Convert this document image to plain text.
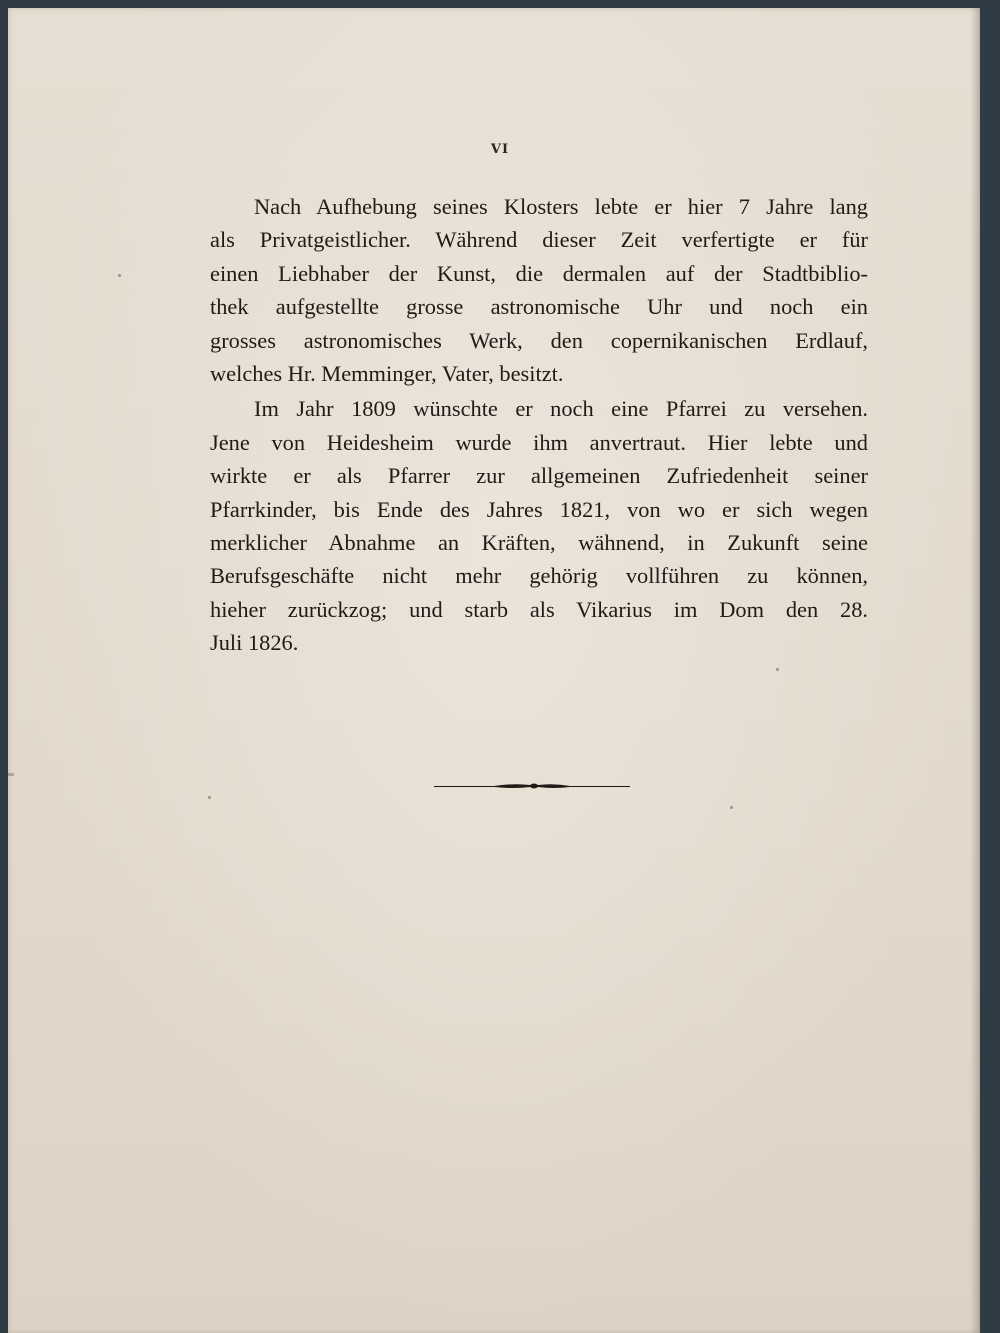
VI
Nach Aufhebung seines Klosters lebte er hier 7 Jahre lang
als Privatgeistlicher. Während dieser Zeit verfertigte er für
einen Liebhaber der Kunst, die dermalen auf der Stadtbiblio-
thek aufgestellte grosse astronomische Uhr und noch ein
grosses astronomisches Werk, den copernikanischen Erdlauf,
welches Hr. Memminger, Vater, besitzt.
Im Jahr 1809 wünschte er noch eine Pfarrei zu versehen.
Jene von Heidesheim wurde ihm anvertraut. Hier lebte und
wirkte er als Pfarrer zur allgemeinen Zufriedenheit seiner
Pfarrkinder, bis Ende des Jahres 1821, von wo er sich wegen
merklicher Abnahme an Kräften, wähnend, in Zukunft seine
Berufsgeschäfte nicht mehr gehörig vollführen zu können,
hieher zurückzog; und starb als Vikarius im Dom den 28.
Juli 1826.
